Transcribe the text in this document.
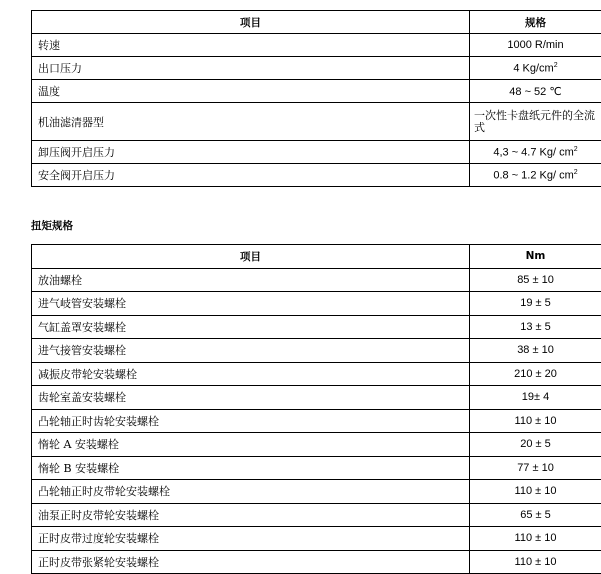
项目	规格
转速	1000 R/min
出口压力	4 $Kg/cm^2$
温度	48 ~ 52 ℃
机油滤清器型	一次性卡盘纸元件的全流式
卸压阀开启压力	4,3 ~ 4.7 Kg/ $cm^2$
安全阀开启压力	0.8 ~ 1.2 Kg/ $cm^2$
扭矩规格
项目	Nm
放油螺栓	85 ± 10
进气岐管安装螺栓	19 ± 5
气缸盖罩安装螺栓	13 ± 5
进气接管安装螺栓	38 ± 10
减振皮带轮安装螺栓	210 ± 20
齿轮室盖安装螺栓	19± 4
凸轮轴正时齿轮安装螺栓	110 ± 10
惰轮 A 安装螺栓	20 ± 5
惰轮 B 安装螺栓	77 ± 10
凸轮轴正时皮带轮安装螺栓	110 ± 10
油泵正时皮带轮安装螺栓	65 ± 5
正时皮带过度轮安装螺栓	110 ± 10
正时皮带张紧轮安装螺栓	110 ± 10
